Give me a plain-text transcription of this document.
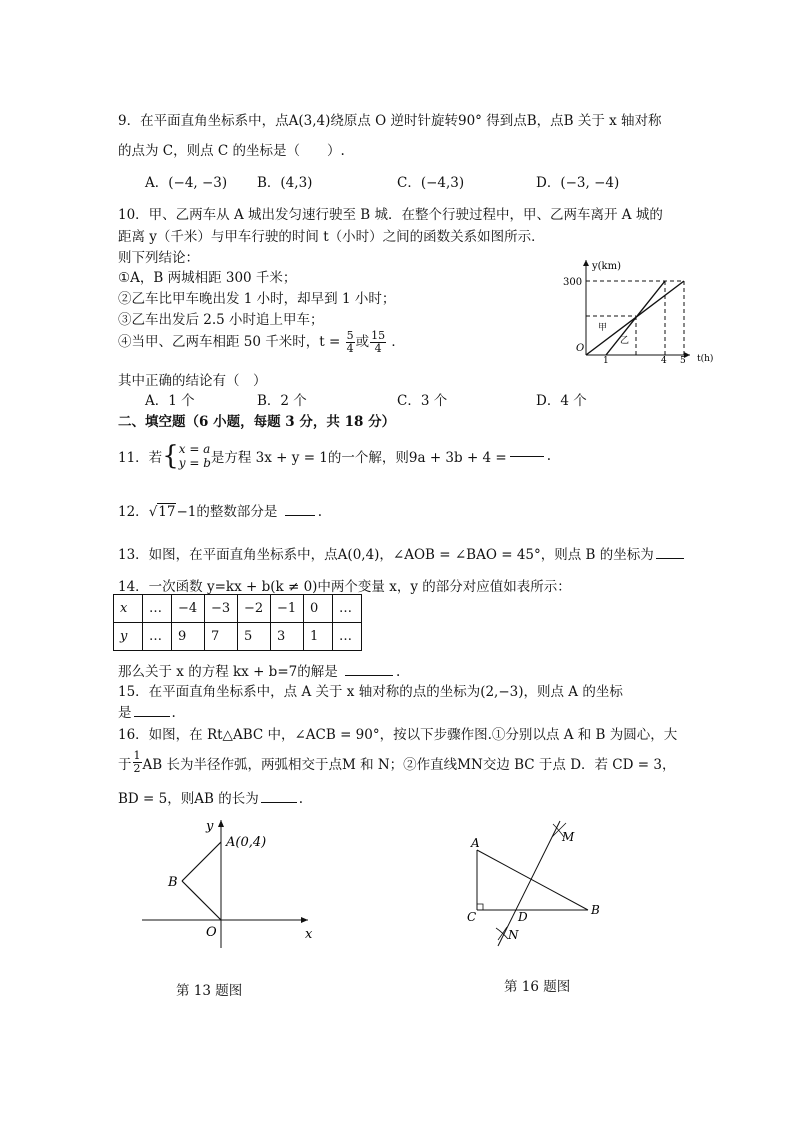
9．在平面直角坐标系中，点A(3,4)绕原点 O 逆时针旋转90° 得到点B，点B 关于 x 轴对称
的点为 C，则点 C 的坐标是（　　）.
A．(−4, −3) B．(4,3)	C．(−4,3)	D．(−3, −4)
10．甲、乙两车从 A 城出发匀速行驶至 B 城．在整个行驶过程中，甲、乙两车离开 A 城的
距离 y（千米）与甲车行驶的时间 t（小时）之间的函数关系如图所示．
则下列结论：
①A，B 两城相距 300 千米；
②乙车比甲车晚出发 1 小时，却早到 1 小时；
③乙车出发后 2.5 小时追上甲车；
④当甲、乙两车相距 50 千米时，$t = \frac{5}{4}$ 或 $\frac{15}{4}$ ．
其中正确的结论有（　）
A．1 个	B．2 个	C．3 个	D．4 个
y(km)
300
O
甲
乙
1	4 5 t(h)
二、填空题（6 小题，每题 3 分，共 18 分）
11．若 { x = a
y = b 是方程 3x + y = 1的一个解，则9a + 3b + 4 =	.
12．√17−1的整数部分是	.
13．如图，在平面直角坐标系中，点A(0,4)，∠AOB = ∠BAO = 45°，则点 B 的坐标为
14．一次函数 y=kx + b(k ≠ 0)中两个变量 x，y 的部分对应值如表所示：
x	…	−4	−3	−2	−1	0	…
y	…	9	7	5	3	1	…
那么关于 x 的方程 kx + b=7的解是	.
15．在平面直角坐标系中，点 A 关于 x 轴对称的点的坐标为(2,−3)，则点 A 的坐标
是	.
16．如图，在 Rt△ABC 中，∠ACB = 90°，按以下步骤作图.①分别以点 A 和 B 为圆心，大
于 $\frac{1}{2}$ AB 长为半径作弧，两弧相交于点M 和 N；②作直线MN交边 BC 于点 D．若 CD = 3，
BD = 5，则AB 的长为	.
y
A(0,4)
B
O	x
第 13 题图
A
C	D	B
M
N
第 16 题图
